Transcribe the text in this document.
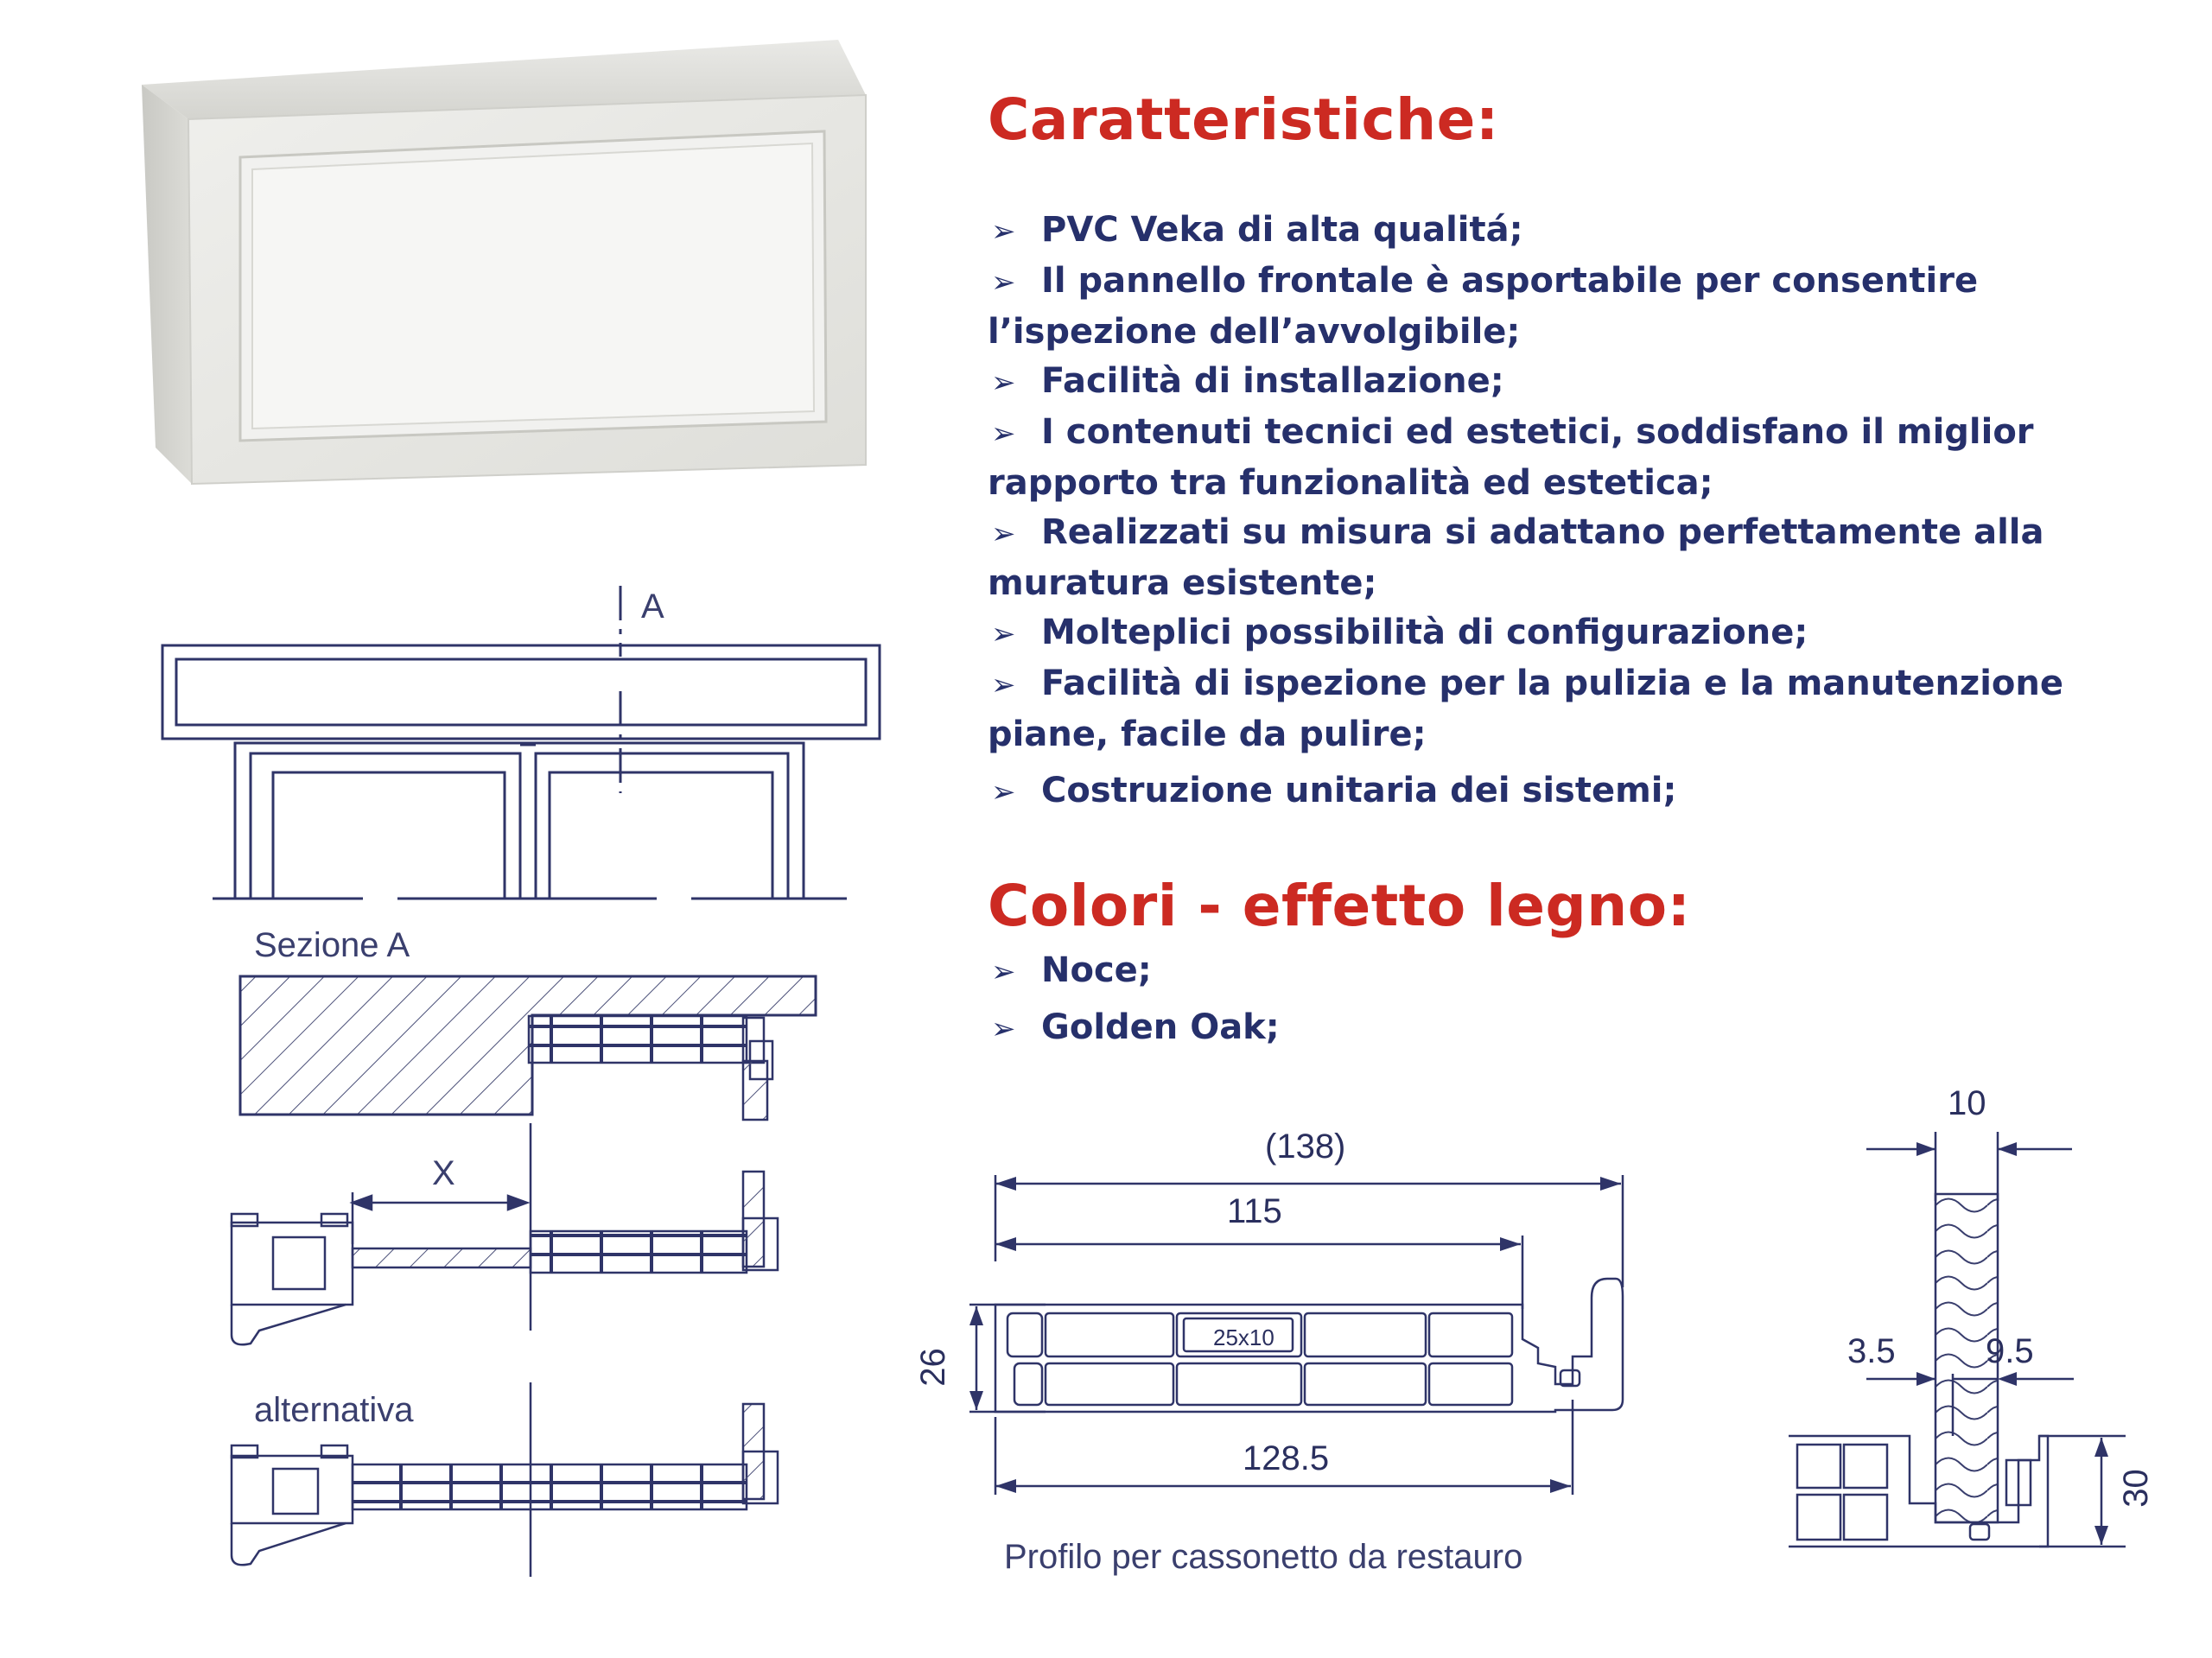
Caratteristiche:
➢ PVC Veka di alta qualitá;
➢ Il pannello frontale è asportabile per consentire l’ispezione dell’avvolgibile;
➢ Facilità di installazione;
➢ I contenuti tecnici ed estetici, soddisfano il miglior rapporto tra funzionalità ed estetica;
➢ Realizzati su misura si adattano perfettamente alla muratura esistente;
➢ Molteplici possibilità di configurazione;
➢ Facilità di ispezione per la pulizia e la manutenzione piane, facile da pulire;
➢ Costruzione unitaria dei sistemi;
Colori - effetto legno:
➢ Noce;
➢ Golden Oak;
A
Sezione A
X
alternativa
(138)
115
26
25x10
128.5
Profilo per cassonetto da restauro
10
3.5	9.5
30
